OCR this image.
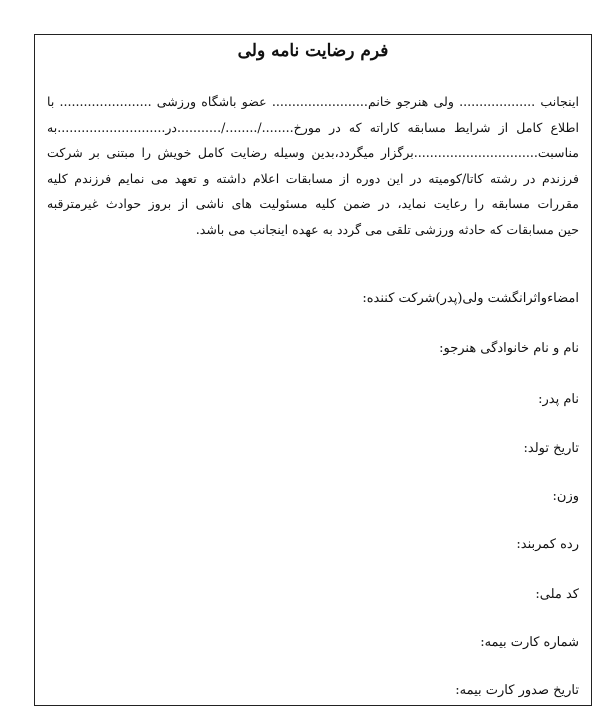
فرم رضایت نامه ولی
اینجانب ................... ولی هنرجو خانم........................ عضو باشگاه ورزشی ....................... با
اطلاع کامل از شرایط مسابقه کاراته که در مورخ......../......../...........در...........................به
مناسبت...............................برگزار میگردد،بدین وسیله رضایت کامل خویش را مبتنی بر شرکت
فرزندم در رشته کاتا/کومیته در این دوره از مسابقات اعلام داشته و تعهد می نمایم فرزندم کلیه
مقررات مسابقه را رعایت نماید، در ضمن کلیه مسئولیت های ناشی از بروز حوادث غیرمترقبه
حین مسابقات که حادثه ورزشی تلقی می گردد به عهده اینجانب می باشد.
امضاءواثرانگشت ولی(پدر)شرکت کننده:
نام و نام خانوادگی هنرجو:
نام پدر:
تاریخ تولد:
وزن:
رده کمربند:
کد ملی:
شماره کارت بیمه:
تاریخ صدور کارت بیمه:
